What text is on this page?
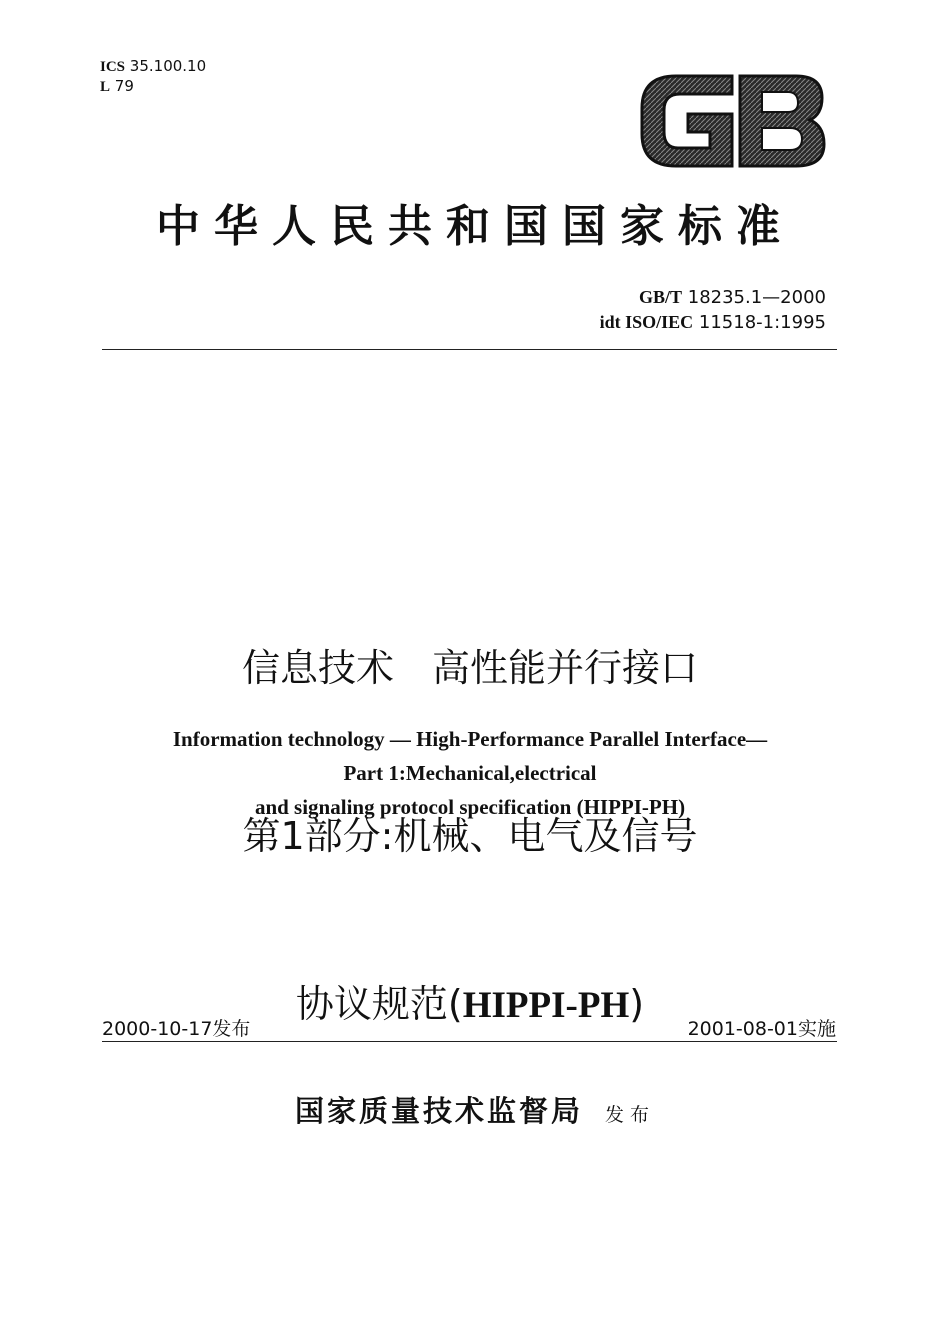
ICS 35.100.10
L 79
中华人民共和国国家标准
GB/T 18235.1—2000
idt ISO/IEC 11518-1:1995

信息技术　高性能并行接口

第1部分:机械、电气及信号

协议规范(HIPPI-PH)

Information technology — High-Performance Parallel Interface—
Part 1:Mechanical,electrical
and signaling protocol specification (HIPPI-PH)
2000-10-17发布	2001-08-01实施
国家质量技术监督局 发布
